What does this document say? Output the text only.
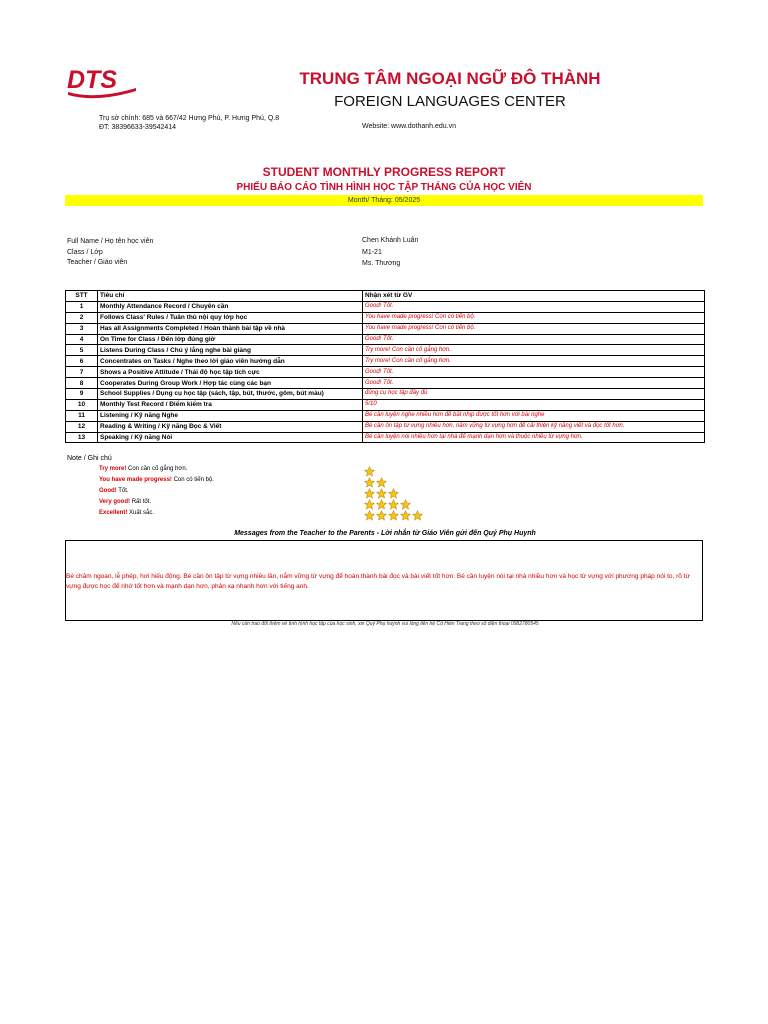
DTS	TRUNG TÂM NGOẠI NGỮ ĐÔ THÀNH
FOREIGN LANGUAGES CENTER
Trụ sở chính: 685 và 667/42 Hưng Phú, P. Hưng Phú, Q.8
ĐT: 38396633-39542414	Website: www.dothanh.edu.vn
STUDENT MONTHLY PROGRESS REPORT
PHIẾU BÁO CÁO TÌNH HÌNH HỌC TẬP THÁNG CỦA HỌC VIÊN
Month/ Tháng: 05/2025
Full Name / Họ tên học viên	Chen Khánh Luân
Class / Lớp	M1-21
Teacher / Giáo viên	Ms. Thương
STT	Tiêu chí	Nhận xét từ GV
1	Monthly Attendance Record / Chuyên cần	Good! Tốt.
2	Follows Class' Rules / Tuân thủ nội quy lớp học	You have made progress! Con có tiến bộ.
3	Has all Assignments Completed / Hoàn thành bài tập về nhà	You have made progress! Con có tiến bộ.
4	On Time for Class / Đến lớp đúng giờ	Good! Tốt.
5	Listens During Class / Chú ý lắng nghe bài giảng	Try more! Con cần cố gắng hơn.
6	Concentrates on Tasks / Nghe theo lời giáo viên hướng dẫn	Try more! Con cần cố gắng hơn.
7	Shows a Positive Attitude / Thái độ học tập tích cực	Good! Tốt.
8	Cooperates During Group Work / Hợp tác cùng các bạn	Good! Tốt.
9	School Supplies / Dụng cụ học tập (sách, tập, bút, thước, gôm, bút màu)	đủng cụ học tập đầy đủ
10	Monthly Test Record / Điểm kiểm tra	5/10
11	Listening / Kỹ năng Nghe	Bé cần luyện nghe nhiều hơn để bắt nhịp được tốt hơn với bài nghe
12	Reading & Writing / Kỹ năng Đọc & Viết	Bé cần ôn tập từ vựng nhiều hơn, nắm vững từ vựng hơn để cải thiện kỹ năng viết và đọc tốt hơn.
13	Speaking / Kỹ năng Nói	Bé cần luyện nói nhiều hơn tại nhà để mạnh dạn hơn và thuộc nhiều từ vựng hơn.
Note / Ghi chú
Try more! Con cần cố gắng hơn.
You have made progress! Con có tiến bộ.
Good! Tốt.
Very good! Rất tốt.
Excellent! Xuất sắc.
Messages from the Teacher to the Parents - Lời nhắn từ Giáo Viên gửi đến Quý Phụ Huynh
Bé chăm ngoan, lễ phép, hơi hiếu động. Bé cần ôn tập từ vựng nhiều lần, nắm vững từ vựng để hoàn thành bài đọc và bài viết tốt hơn. Bé cần luyện nói tại nhà nhiều hơn và học từ vựng với phương pháp nói to, rõ từ vựng được học để nhớ tốt hơn và mạnh dạn hơn, phản xạ nhanh hơn với tiếng anh.
Nếu cần trao đổi thêm về tình hình học tập của học sinh, xin Quý Phụ huynh vui lòng liên hệ Cô Hiền Trang theo số điện thoại 0982780545
